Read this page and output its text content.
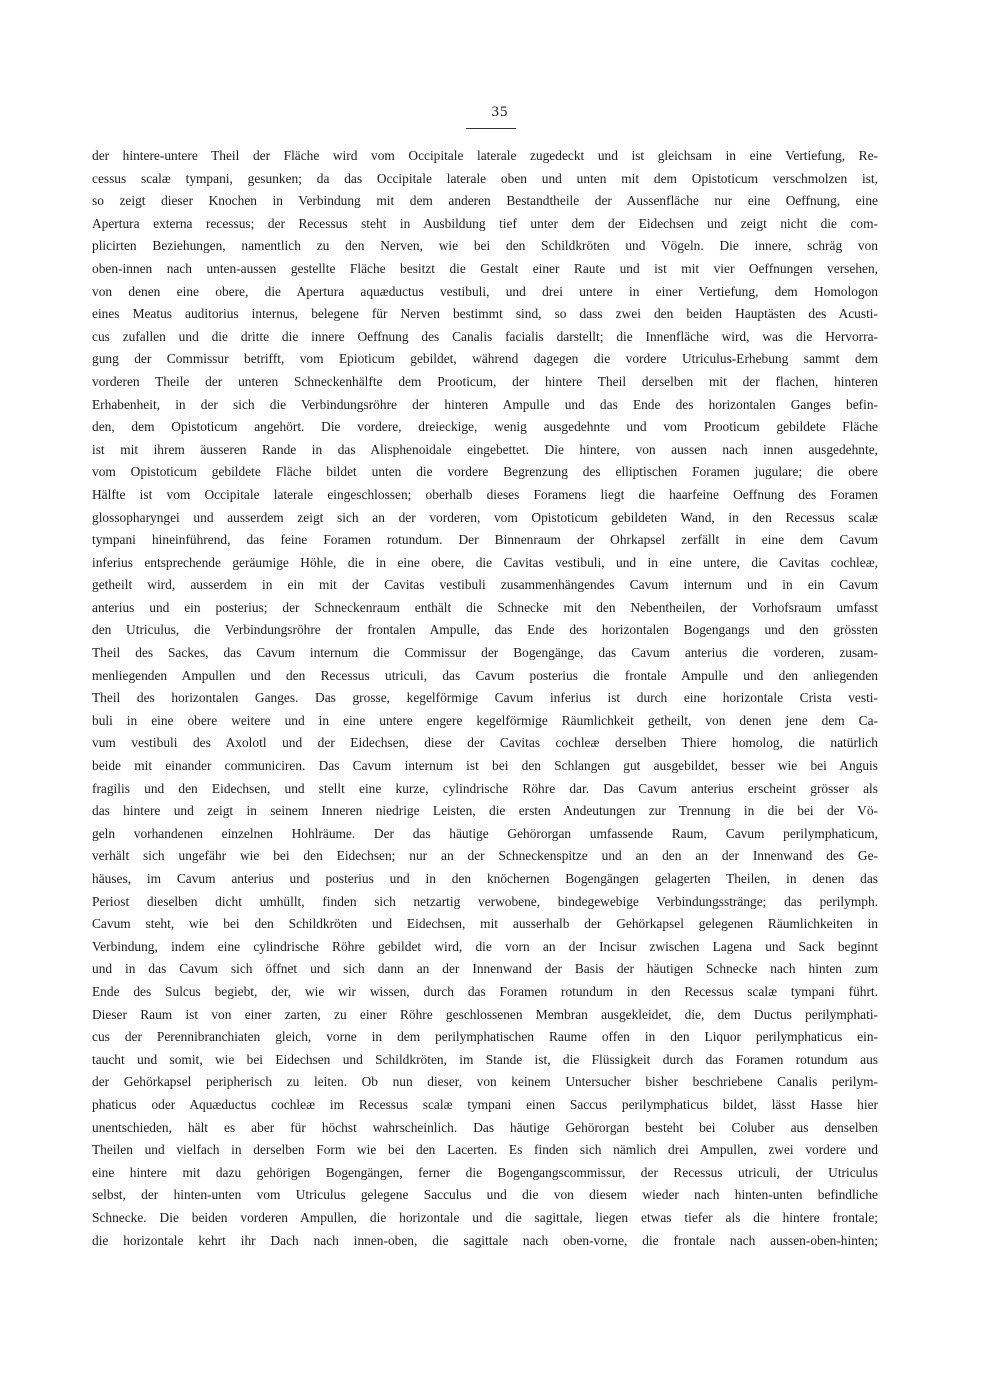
35
der hintere-untere Theil der Fläche wird vom Occipitale laterale zugedeckt und ist gleichsam in eine Vertiefung, Re-
cessus scalæ tympani, gesunken; da das Occipitale laterale oben und unten mit dem Opistoticum verschmolzen ist,
so zeigt dieser Knochen in Verbindung mit dem anderen Bestandtheile der Aussenfläche nur eine Oeffnung, eine
Apertura externa recessus; der Recessus steht in Ausbildung tief unter dem der Eidechsen und zeigt nicht die com-
plicirten Beziehungen, namentlich zu den Nerven, wie bei den Schildkröten und Vögeln. Die innere, schräg von
oben-innen nach unten-aussen gestellte Fläche besitzt die Gestalt einer Raute und ist mit vier Oeffnungen versehen,
von denen eine obere, die Apertura aquæductus vestibuli, und drei untere in einer Vertiefung, dem Homologon
eines Meatus auditorius internus, belegene für Nerven bestimmt sind, so dass zwei den beiden Hauptästen des Acusti-
cus zufallen und die dritte die innere Oeffnung des Canalis facialis darstellt; die Innenfläche wird, was die Hervorra-
gung der Commissur betrifft, vom Epioticum gebildet, während dagegen die vordere Utriculus-Erhebung sammt dem
vorderen Theile der unteren Schneckenhälfte dem Prooticum, der hintere Theil derselben mit der flachen, hinteren
Erhabenheit, in der sich die Verbindungsröhre der hinteren Ampulle und das Ende des horizontalen Ganges befin-
den, dem Opistoticum angehört. Die vordere, dreieckige, wenig ausgedehnte und vom Prooticum gebildete Fläche
ist mit ihrem äusseren Rande in das Alisphenoidale eingebettet. Die hintere, von aussen nach innen ausgedehnte,
vom Opistoticum gebildete Fläche bildet unten die vordere Begrenzung des elliptischen Foramen jugulare; die obere
Hälfte ist vom Occipitale laterale eingeschlossen; oberhalb dieses Foramens liegt die haarfeine Oeffnung des Foramen
glossopharyngei und ausserdem zeigt sich an der vorderen, vom Opistoticum gebildeten Wand, in den Recessus scalæ
tympani hineinführend, das feine Foramen rotundum. Der Binnenraum der Ohrkapsel zerfällt in eine dem Cavum
inferius entsprechende geräumige Höhle, die in eine obere, die Cavitas vestibuli, und in eine untere, die Cavitas cochleæ,
getheilt wird, ausserdem in ein mit der Cavitas vestibuli zusammenhängendes Cavum internum und in ein Cavum
anterius und ein posterius; der Schneckenraum enthält die Schnecke mit den Nebentheilen, der Vorhofsraum umfasst
den Utriculus, die Verbindungsröhre der frontalen Ampulle, das Ende des horizontalen Bogengangs und den grössten
Theil des Sackes, das Cavum internum die Commissur der Bogengänge, das Cavum anterius die vorderen, zusam-
menliegenden Ampullen und den Recessus utriculi, das Cavum posterius die frontale Ampulle und den anliegenden
Theil des horizontalen Ganges. Das grosse, kegelförmige Cavum inferius ist durch eine horizontale Crista vesti-
buli in eine obere weitere und in eine untere engere kegelförmige Räumlichkeit getheilt, von denen jene dem Ca-
vum vestibuli des Axolotl und der Eidechsen, diese der Cavitas cochleæ derselben Thiere homolog, die natürlich
beide mit einander communiciren. Das Cavum internum ist bei den Schlangen gut ausgebildet, besser wie bei Anguis
fragilis und den Eidechsen, und stellt eine kurze, cylindrische Röhre dar. Das Cavum anterius erscheint grösser als
das hintere und zeigt in seinem Inneren niedrige Leisten, die ersten Andeutungen zur Trennung in die bei der Vö-
geln vorhandenen einzelnen Hohlräume. Der das häutige Gehörorgan umfassende Raum, Cavum perilymphaticum,
verhält sich ungefähr wie bei den Eidechsen; nur an der Schneckenspitze und an den an der Innenwand des Ge-
häuses, im Cavum anterius und posterius und in den knöchernen Bogengängen gelagerten Theilen, in denen das
Periost dieselben dicht umhüllt, finden sich netzartig verwobene, bindegewebige Verbindungsstränge; das perilymph.
Cavum steht, wie bei den Schildkröten und Eidechsen, mit ausserhalb der Gehörkapsel gelegenen Räumlichkeiten in
Verbindung, indem eine cylindrische Röhre gebildet wird, die vorn an der Incisur zwischen Lagena und Sack beginnt
und in das Cavum sich öffnet und sich dann an der Innenwand der Basis der häutigen Schnecke nach hinten zum
Ende des Sulcus begiebt, der, wie wir wissen, durch das Foramen rotundum in den Recessus scalæ tympani führt.
Dieser Raum ist von einer zarten, zu einer Röhre geschlossenen Membran ausgekleidet, die, dem Ductus perilymphati-
cus der Perennibranchiaten gleich, vorne in dem perilymphatischen Raume offen in den Liquor perilymphaticus ein-
taucht und somit, wie bei Eidechsen und Schildkröten, im Stande ist, die Flüssigkeit durch das Foramen rotundum aus
der Gehörkapsel peripherisch zu leiten. Ob nun dieser, von keinem Untersucher bisher beschriebene Canalis perilym-
phaticus oder Aquæductus cochleæ im Recessus scalæ tympani einen Saccus perilymphaticus bildet, lässt Hasse hier
unentschieden, hält es aber für höchst wahrscheinlich. Das häutige Gehörorgan besteht bei Coluber aus denselben
Theilen und vielfach in derselben Form wie bei den Lacerten. Es finden sich nämlich drei Ampullen, zwei vordere und
eine hintere mit dazu gehörigen Bogengängen, ferner die Bogengangscommissur, der Recessus utriculi, der Utriculus
selbst, der hinten-unten vom Utriculus gelegene Sacculus und die von diesem wieder nach hinten-unten befindliche
Schnecke. Die beiden vorderen Ampullen, die horizontale und die sagittale, liegen etwas tiefer als die hintere frontale;
die horizontale kehrt ihr Dach nach innen-oben, die sagittale nach oben-vorne, die frontale nach aussen-oben-hinten;
